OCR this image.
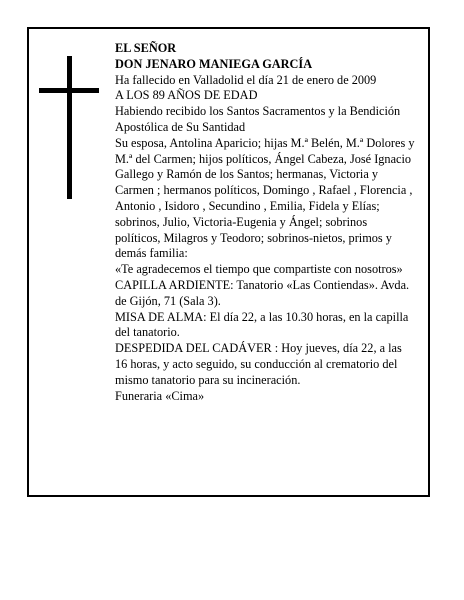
EL SEÑOR

DON JENARO MANIEGA GARCÍA

Ha fallecido en Valladolid el día 21 de enero de 2009

A LOS 89 AÑOS DE EDAD

Habiendo recibido los Santos Sacramentos y la Bendición Apostólica de Su Santidad

Su esposa, Antolina Aparicio; hijas M.ª Belén, M.ª Dolores y M.ª del Carmen; hijos políticos, Ángel Cabeza, José Ignacio Gallego y Ramón de los Santos; hermanas, Victoria y Carmen ; hermanos políticos, Domingo , Rafael , Florencia , Antonio , Isidoro , Secundino , Emilia, Fidela y Elías; sobrinos, Julio, Victoria-Eugenia y Ángel; sobrinos políticos, Milagros y Teodoro; sobrinos-nietos, primos y demás familia:

«Te agradecemos el tiempo que compartiste con nosotros»

CAPILLA ARDIENTE: Tanatorio «Las Contiendas». Avda. de Gijón, 71 (Sala 3).

MISA DE ALMA: El día 22, a las 10.30 horas, en la capilla del tanatorio.

DESPEDIDA DEL CADÁVER : Hoy jueves, día 22, a las 16 horas, y acto seguido, su conducción al crematorio del mismo tanatorio para su incineración.

Funeraria «Cima»
